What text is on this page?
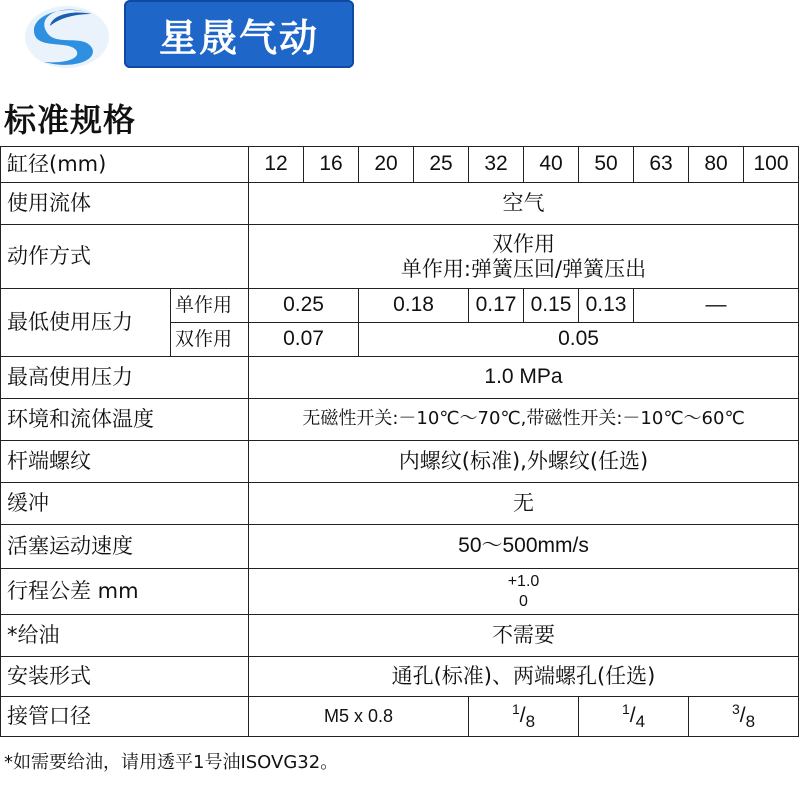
星晟气动
标准规格
缸径(mm)		12	16	20	25	32	40	50	63	80	100
使用流体		空气									
动作方式		双作用
单作用:弹簧压回/弹簧压出									

最低使用压力	单作用	0.25		0.18		0.17	0.15	0.13	—		
	双作用	0.07		0.05							
最高使用压力		1.0 MPa									
环境和流体温度		无磁性开关:－10℃～70℃,带磁性开关:－10℃～60℃									
杆端螺纹		内螺纹(标准),外螺纹(任选)									
缓冲		无									
活塞运动速度		50～500mm/s									
行程公差 mm		+1.0
0									

*给油		不需要									
安装形式		通孔(标准)、两端螺孔(任选)									
接管口径		M5 x 0.8				$^1/_8$		$^1/_4$		$^3/_8$
*如需要给油，请用透平1号油ISOVG32。
